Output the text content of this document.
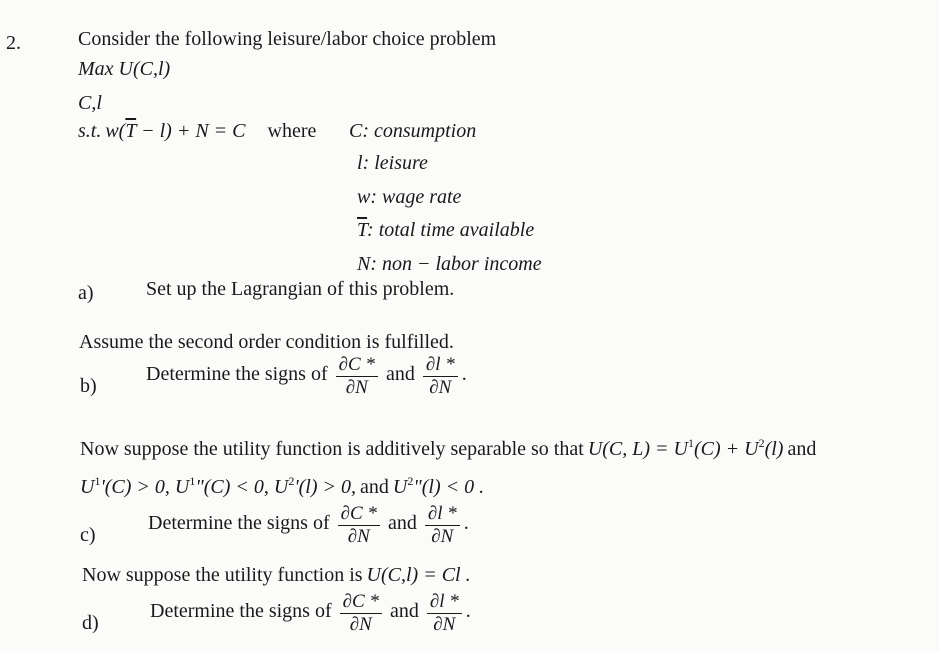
2.	Consider the following leisure/labor choice problem
Max U(C,l)
C,l
s.t. $w(\overline{T} - l) + N = C$ where C: consumption
l: leisure
w: wage rate
$\overline{T}$: total time available
N: non − labor income
a)	Set up the Lagrangian of this problem.
Assume the second order condition is fulfilled.
b)
Determine the signs of $\frac{\partial C *}{\partial N}$ and $\frac{\partial l *}{\partial N}$ .
Now suppose the utility function is additively separable so that U(C, $L) = U^1(C) + U^2(l)$ and
$U^1'(C) > 0$, $U^1"(C) < 0$, $U^2'(l) > 0$, and $U^2"(l) < 0$ .
c)
Determine the signs of $\frac{\partial C *}{\partial N}$ and $\frac{\partial l *}{\partial N}$ .
Now suppose the utility function is U(C,l) = Cl .
d)
Determine the signs of $\frac{\partial C *}{\partial N}$ and $\frac{\partial l *}{\partial N}$ .
